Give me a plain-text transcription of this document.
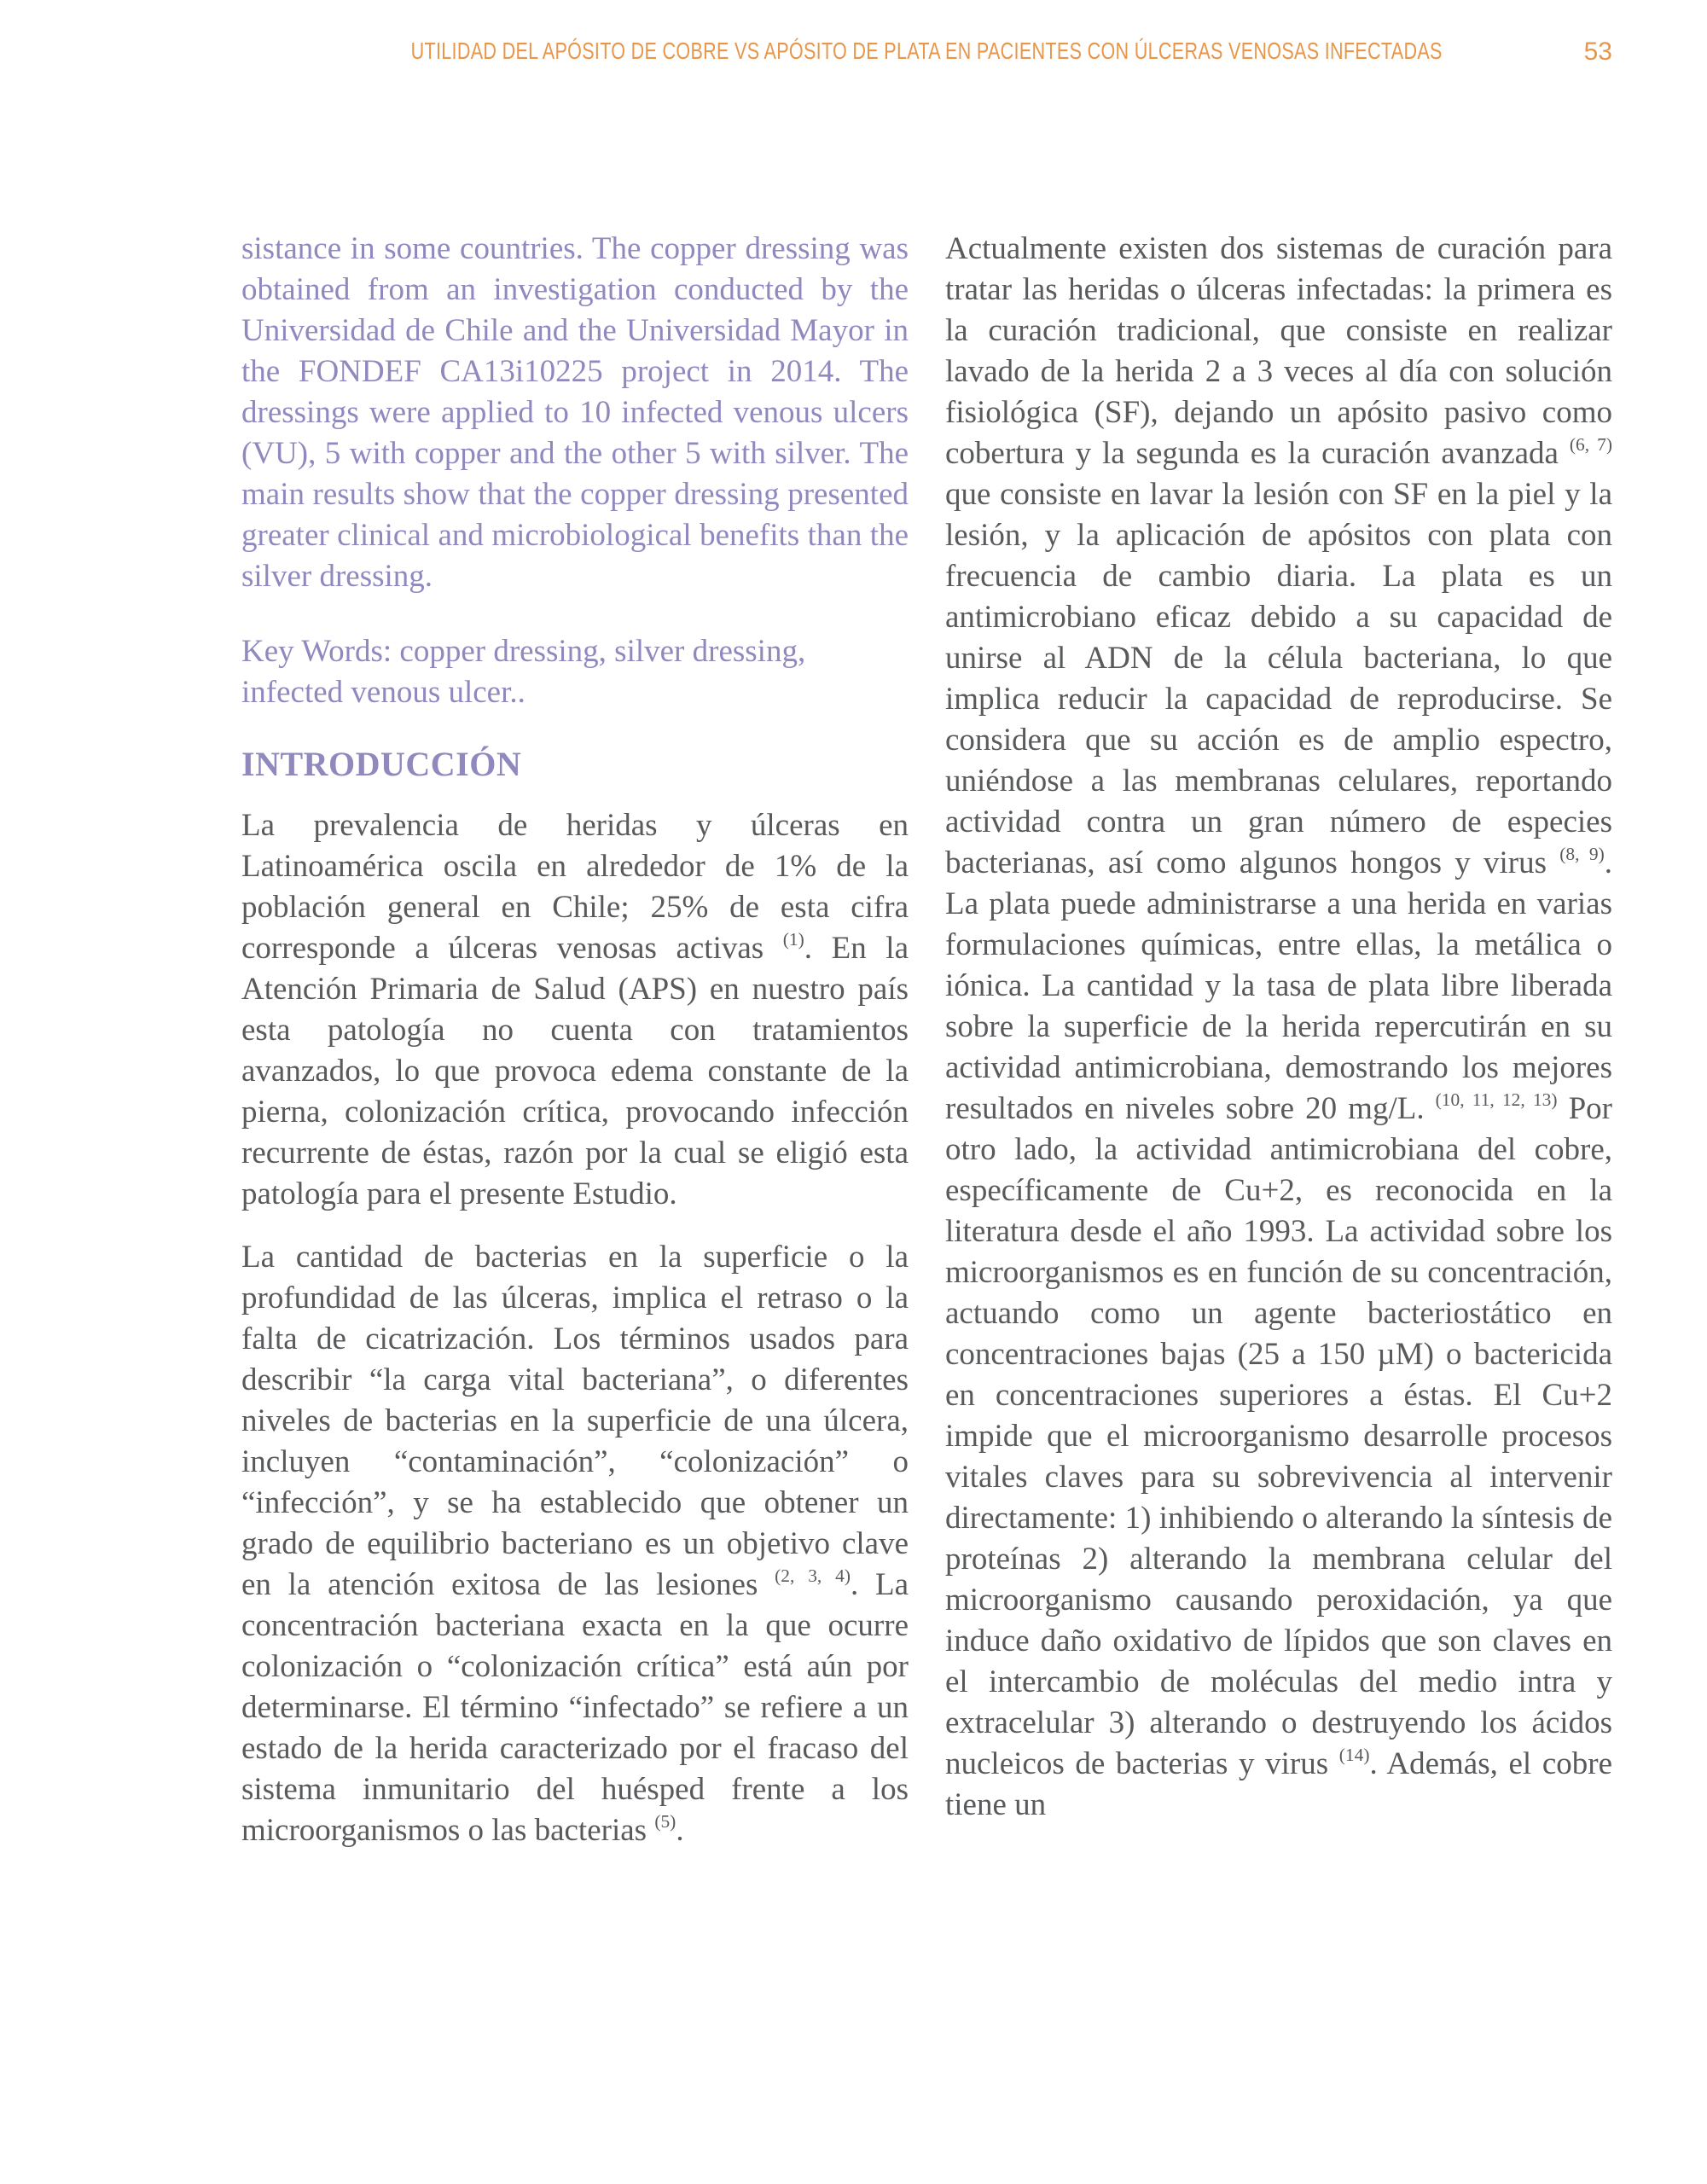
UTILIDAD DEL APÓSITO DE COBRE VS APÓSITO DE PLATA EN PACIENTES CON ÚLCERAS VENOSAS INFECTADAS	53

sistance in some countries. The copper dressing was obtained from an investigation conducted by the Universidad de Chile and the Universidad Mayor in the FONDEF CA13i10225 project in 2014. The dressings were applied to 10 infected venous ulcers (VU), 5 with copper and the other 5 with silver. The main results show that the copper dressing presented greater clinical and microbiological benefits than the silver dressing.

Key Words: copper dressing, silver dressing, infected venous ulcer..

INTRODUCCIÓN

La prevalencia de heridas y úlceras en Latinoamérica oscila en alrededor de 1% de la población general en Chile; 25% de esta cifra corresponde a úlceras venosas activas $^{(1)}$. En la Atención Primaria de Salud (APS) en nuestro país esta patología no cuenta con tratamientos avanzados, lo que provoca edema constante de la pierna, colonización crítica, provocando infección recurrente de éstas, razón por la cual se eligió esta patología para el presente Estudio.

La cantidad de bacterias en la superficie o la profundidad de las úlceras, implica el retraso o la falta de cicatrización. Los términos usados para describir “la carga vital bacteriana”, o diferentes niveles de bacterias en la superficie de una úlcera, incluyen “contaminación”, “colonización” o “infección”, y se ha establecido que obtener un grado de equilibrio bacteriano es un objetivo clave en la atención exitosa de las lesiones $^{(2, 3, 4)}$. La concentración bacteriana exacta en la que ocurre colonización o “colonización crítica” está aún por determinarse. El término “infectado” se refiere a un estado de la herida caracterizado por el fracaso del sistema inmunitario del huésped frente a los microorganismos o las bacterias $^{(5)}$.

Actualmente existen dos sistemas de curación para tratar las heridas o úlceras infectadas: la primera es la curación tradicional, que consiste en realizar lavado de la herida 2 a 3 veces al día con solución fisiológica (SF), dejando un apósito pasivo como cobertura y la segunda es la curación avanzada $^{(6, 7)}$ que consiste en lavar la lesión con SF en la piel y la lesión, y la aplicación de apósitos con plata con frecuencia de cambio diaria. La plata es un antimicrobiano eficaz debido a su capacidad de unirse al ADN de la célula bacteriana, lo que implica reducir la capacidad de reproducirse. Se considera que su acción es de amplio espectro, uniéndose a las membranas celulares, reportando actividad contra un gran número de especies bacterianas, así como algunos hongos y virus $^{(8, 9)}$. La plata puede administrarse a una herida en varias formulaciones químicas, entre ellas, la metálica o iónica. La cantidad y la tasa de plata libre liberada sobre la superficie de la herida repercutirán en su actividad antimicrobiana, demostrando los mejores resultados en niveles sobre 20 mg/L. $^{(10, 11, 12, 13)}$ Por otro lado, la actividad antimicrobiana del cobre, específicamente de Cu+2, es reconocida en la literatura desde el año 1993. La actividad sobre los microorganismos es en función de su concentración, actuando como un agente bacteriostático en concentraciones bajas (25 a 150 µM) o bactericida en concentraciones superiores a éstas. El Cu+2 impide que el microorganismo desarrolle procesos vitales claves para su sobrevivencia al intervenir directamente: 1) inhibiendo o alterando la síntesis de proteínas 2) alterando la membrana celular del microorganismo causando peroxidación, ya que induce daño oxidativo de lípidos que son claves en el intercambio de moléculas del medio intra y extracelular 3) alterando o destruyendo los ácidos nucleicos de bacterias y virus $^{(14)}$. Además, el cobre tiene un
